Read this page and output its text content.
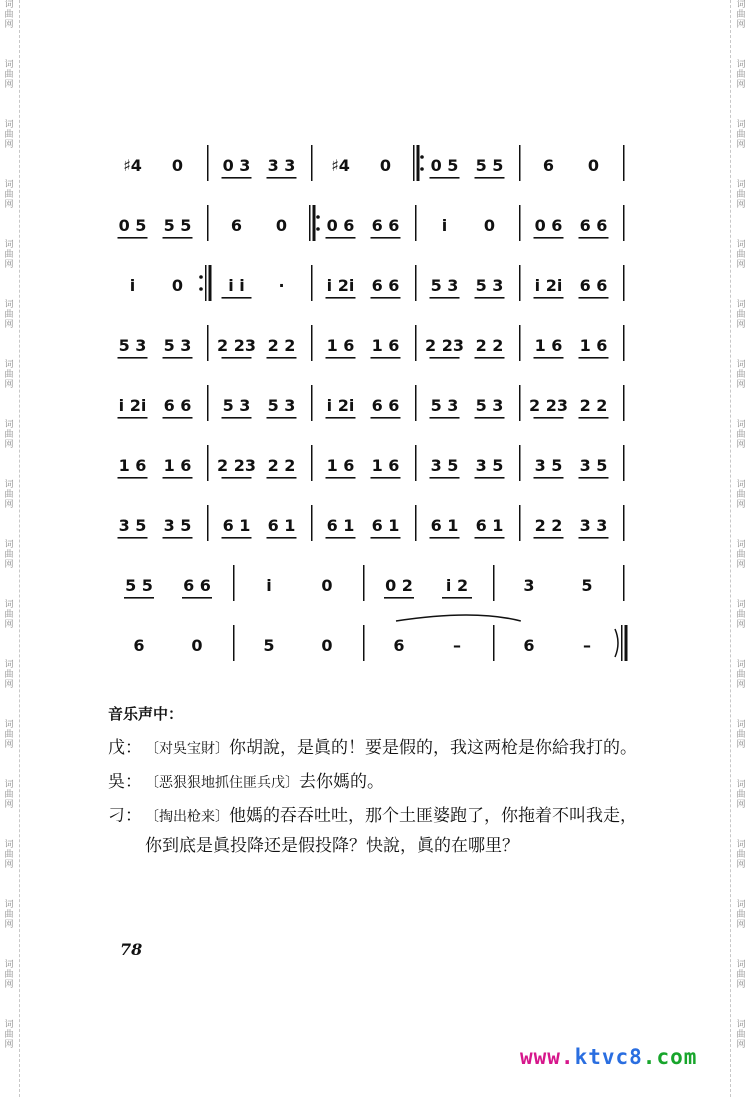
词曲网
词曲网
词曲网
词曲网
词曲网
词曲网
词曲网
词曲网
词曲网
词曲网
词曲网
词曲网
词曲网
词曲网
词曲网
词曲网
词曲网
词曲网
词曲网
词曲网
词曲网
词曲网
词曲网
词曲网
词曲网
词曲网
词曲网
词曲网
词曲网
词曲网
词曲网
词曲网
词曲网
词曲网
词曲网
词曲网
♯4 0 0 3 3 3 ♯4 0 0 5 5 5 6 0
0 5 5 5 6 0 0 6 6 6	i 0 0 6 6 6
i 0	i i ·	i 2i 6 6 5 3 5 3 i 2i 6 6
5 3 5 3 2 23 2 2 1 6 1 6 2 23 2 2 1 6 1 6
i 2i 6 6 5 3 5 3 i 2i 6 6 5 3 5 3 2 23 2 2
1 6 1 6 2 23 2 2 1 6 1 6 3 5 3 5 3 5 3 5
3 5 3 5 6 1 6 1 6 1 6 1 6 1 6 1 2 2 3 3
5 5 6 6	i	0	0 2 i 2	3	5
6	0	5	0	6	–	6	–
音乐声中：
戊： 〔对吳宝財〕你胡說，是眞的！要是假的，我这两枪是你給我打的。
吳： 〔恶狠狠地抓住匪兵戊〕去你媽的。
刁： 〔掏出枪来〕他媽的吞吞吐吐，那个土匪婆跑了，你拖着不叫我走，你到底是眞投降还是假投降？快說，眞的在哪里？
78
www.ktvc8.com
